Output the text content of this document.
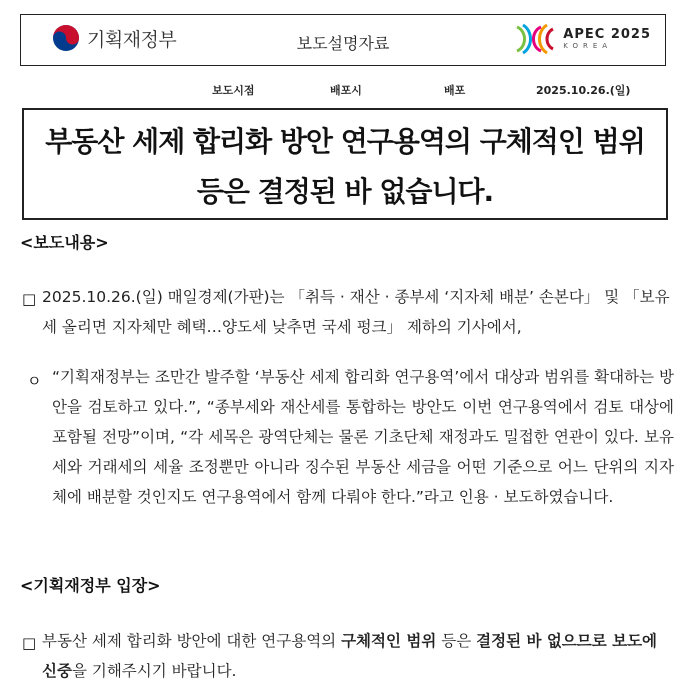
기획재정부	보도설명자료	APEC 2025
KOREA
보도시점	배포시	배포	2025.10.26.(일)
부동산 세제 합리화 방안 연구용역의 구체적인 범위 등은 결정된 바 없습니다.
<보도내용>
□ 2025.10.26.(일) 매일경제(가판)는 「취득 · 재산 · 종부세 ‘지자체 배분’ 손본다」 및 「보유세 올리면 지자체만 혜택…양도세 낮추면 국세 펑크」 제하의 기사에서,
ㅇ “기획재정부는 조만간 발주할 ‘부동산 세제 합리화 연구용역’에서 대상과 범위를 확대하는 방안을 검토하고 있다.”, “종부세와 재산세를 통합하는 방안도 이번 연구용역에서 검토 대상에 포함될 전망”이며, “각 세목은 광역단체는 물론 기초단체 재정과도 밀접한 연관이 있다. 보유세와 거래세의 세율 조정뿐만 아니라 징수된 부동산 세금을 어떤 기준으로 어느 단위의 지자체에 배분할 것인지도 연구용역에서 함께 다뤄야 한다.”라고 인용 · 보도하였습니다.
<기획재정부 입장>
□ 부동산 세제 합리화 방안에 대한 연구용역의 구체적인 범위 등은 결정된 바 없으므로 보도에 신중을 기해주시기 바랍니다.
